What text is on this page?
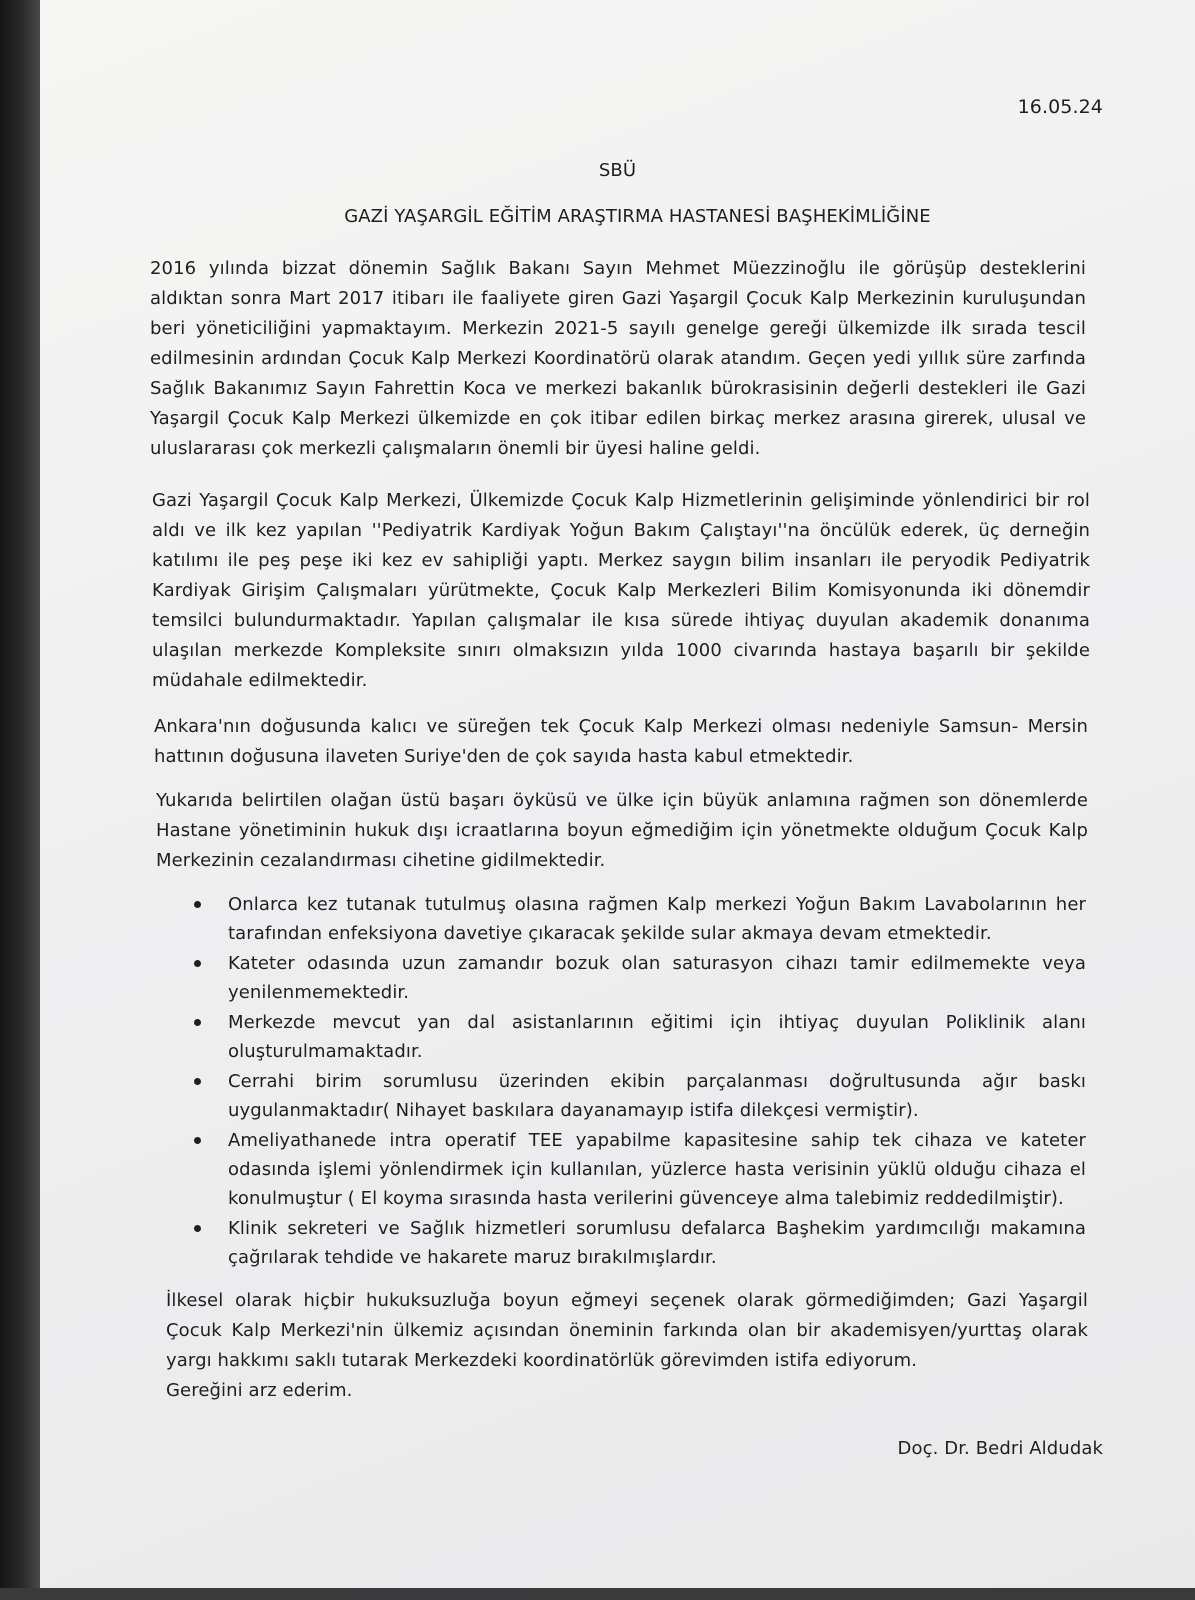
16.05.24
SBÜ
GAZİ YAŞARGİL EĞİTİM ARAŞTIRMA HASTANESİ BAŞHEKİMLİĞİNE

2016 yılında bizzat dönemin Sağlık Bakanı Sayın Mehmet Müezzinoğlu ile görüşüp desteklerini aldıktan sonra Mart 2017 itibarı ile faaliyete giren Gazi Yaşargil Çocuk Kalp Merkezinin kuruluşundan beri yöneticiliğini yapmaktayım. Merkezin 2021-5 sayılı genelge gereği ülkemizde ilk sırada tescil edilmesinin ardından Çocuk Kalp Merkezi Koordinatörü olarak atandım. Geçen yedi yıllık süre zarfında Sağlık Bakanımız Sayın Fahrettin Koca ve merkezi bakanlık bürokrasisinin değerli destekleri ile Gazi Yaşargil Çocuk Kalp Merkezi ülkemizde en çok itibar edilen birkaç merkez arasına girerek, ulusal ve uluslararası çok merkezli çalışmaların önemli bir üyesi haline geldi.

Gazi Yaşargil Çocuk Kalp Merkezi, Ülkemizde Çocuk Kalp Hizmetlerinin gelişiminde yönlendirici bir rol aldı ve ilk kez yapılan ''Pediyatrik Kardiyak Yoğun Bakım Çalıştayı''na öncülük ederek, üç derneğin katılımı ile peş peşe iki kez ev sahipliği yaptı. Merkez saygın bilim insanları ile peryodik Pediyatrik Kardiyak Girişim Çalışmaları yürütmekte, Çocuk Kalp Merkezleri Bilim Komisyonunda iki dönemdir temsilci bulundurmaktadır. Yapılan çalışmalar ile kısa sürede ihtiyaç duyulan akademik donanıma ulaşılan merkezde Kompleksite sınırı olmaksızın yılda 1000 civarında hastaya başarılı bir şekilde müdahale edilmektedir.

Ankara'nın doğusunda kalıcı ve süreğen tek Çocuk Kalp Merkezi olması nedeniyle Samsun- Mersin hattının doğusuna ilaveten Suriye'den de çok sayıda hasta kabul etmektedir.

Yukarıda belirtilen olağan üstü başarı öyküsü ve ülke için büyük anlamına rağmen son dönemlerde Hastane yönetiminin hukuk dışı icraatlarına boyun eğmediğim için yönetmekte olduğum Çocuk Kalp Merkezinin cezalandırması cihetine gidilmektedir.

Onlarca kez tutanak tutulmuş olasına rağmen Kalp merkezi Yoğun Bakım Lavabolarının her tarafından enfeksiyona davetiye çıkaracak şekilde sular akmaya devam etmektedir.
Kateter odasında uzun zamandır bozuk olan saturasyon cihazı tamir edilmemekte veya yenilenmemektedir.
Merkezde mevcut yan dal asistanlarının eğitimi için ihtiyaç duyulan Poliklinik alanı oluşturulmamaktadır.
Cerrahi birim sorumlusu üzerinden ekibin parçalanması doğrultusunda ağır baskı uygulanmaktadır( Nihayet baskılara dayanamayıp istifa dilekçesi vermiştir).
Ameliyathanede intra operatif TEE yapabilme kapasitesine sahip tek cihaza ve kateter odasında işlemi yönlendirmek için kullanılan, yüzlerce hasta verisinin yüklü olduğu cihaza el konulmuştur ( El koyma sırasında hasta verilerini güvenceye alma talebimiz reddedilmiştir).
Klinik sekreteri ve Sağlık hizmetleri sorumlusu defalarca Başhekim yardımcılığı makamına çağrılarak tehdide ve hakarete maruz bırakılmışlardır.

İlkesel olarak hiçbir hukuksuzluğa boyun eğmeyi seçenek olarak görmediğimden; Gazi Yaşargil Çocuk Kalp Merkezi'nin ülkemiz açısından öneminin farkında olan bir akademisyen/yurttaş olarak yargı hakkımı saklı tutarak Merkezdeki koordinatörlük görevimden istifa ediyorum.

Gereğini arz ederim.
Doç. Dr. Bedri Aldudak
